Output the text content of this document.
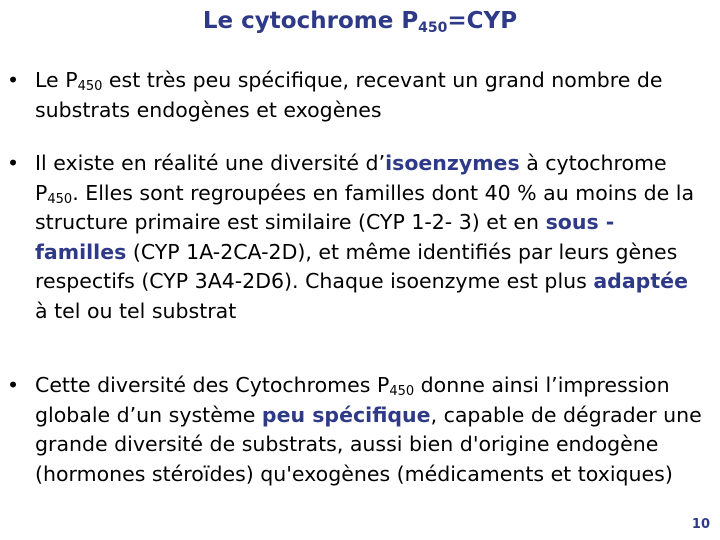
Le cytochrome $P_{450}=CYP$
• Le $P_{450}$ est très peu spécifique, recevant un grand nombre de substrats endogènes et exogènes
• Il existe en réalité une diversité d’isoenzymes à cytochrome $P_{450}$. Elles sont regroupées en familles dont 40 % au moins de la structure primaire est similaire (CYP 1-2- 3) et en sous -familles (CYP 1A-2CA-2D), et même identifiés par leurs gènes respectifs (CYP 3A4-2D6). Chaque isoenzyme est plus adaptée à tel ou tel substrat
• Cette diversité des Cytochromes $P_{450}$ donne ainsi l’impression globale d’un système peu spécifique, capable de dégrader une grande diversité de substrats, aussi bien d'origine endogène (hormones stéroïdes) qu'exogènes (médicaments et toxiques)
10
